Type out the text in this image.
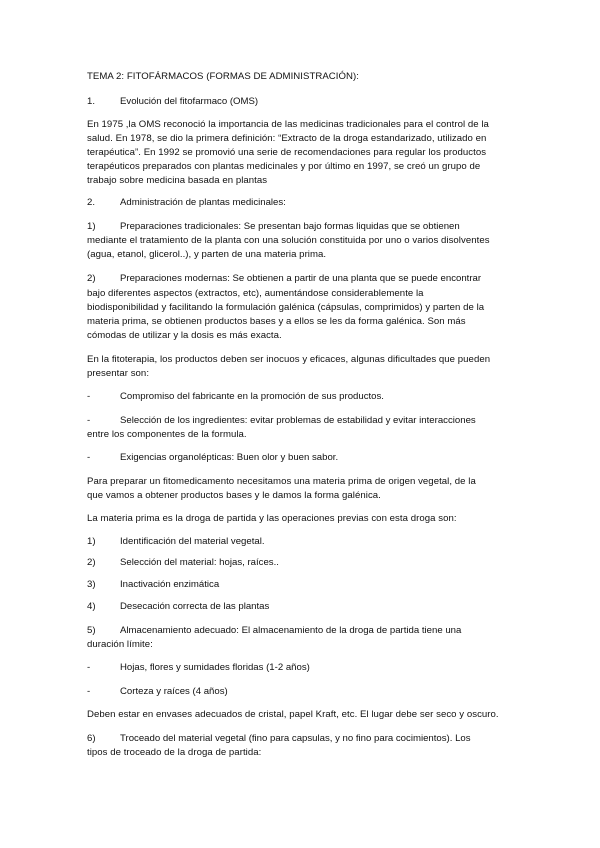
TEMA 2: FITOFÁRMACOS (FORMAS DE ADMINISTRACIÓN):
1.	Evolución del fitofarmaco (OMS)
En 1975 ,la OMS reconoció la importancia de las medicinas tradicionales para el control de la
salud. En 1978, se dio la primera definición: “Extracto de la droga estandarizado, utilizado en
terapéutica”. En 1992 se promovió una serie de recomendaciones para regular los productos
terapéuticos preparados con plantas medicinales y por último en 1997, se creó un grupo de
trabajo sobre medicina basada en plantas
2.	Administración de plantas medicinales:
1)	Preparaciones tradicionales: Se presentan bajo formas liquidas que se obtienen
mediante el tratamiento de la planta con una solución constituida por uno o varios disolventes
(agua, etanol, glicerol..), y parten de una materia prima.
2)	Preparaciones modernas: Se obtienen a partir de una planta que se puede encontrar
bajo diferentes aspectos (extractos, etc), aumentándose considerablemente la
biodisponibilidad y facilitando la formulación galénica (cápsulas, comprimidos) y parten de la
materia prima, se obtienen productos bases y a ellos se les da forma galénica. Son más
cómodas de utilizar y la dosis es más exacta.
En la fitoterapia, los productos deben ser inocuos y eficaces, algunas dificultades que pueden
presentar son:
-	Compromiso del fabricante en la promoción de sus productos.
-	Selección de los ingredientes: evitar problemas de estabilidad y evitar interacciones
entre los componentes de la formula.
-	Exigencias organolépticas: Buen olor y buen sabor.
Para preparar un fitomedicamento necesitamos una materia prima de origen vegetal, de la
que vamos a obtener productos bases y le damos la forma galénica.
La materia prima es la droga de partida y las operaciones previas con esta droga son:
1)	Identificación del material vegetal.
2)	Selección del material: hojas, raíces..
3)	Inactivación enzimática
4)	Desecación correcta de las plantas
5)	Almacenamiento adecuado: El almacenamiento de la droga de partida tiene una
duración límite:
-	Hojas, flores y sumidades floridas (1-2 años)
-	Corteza y raíces (4 años)
Deben estar en envases adecuados de cristal, papel Kraft, etc. El lugar debe ser seco y oscuro.
6)	Troceado del material vegetal (fino para capsulas, y no fino para cocimientos). Los
tipos de troceado de la droga de partida:
